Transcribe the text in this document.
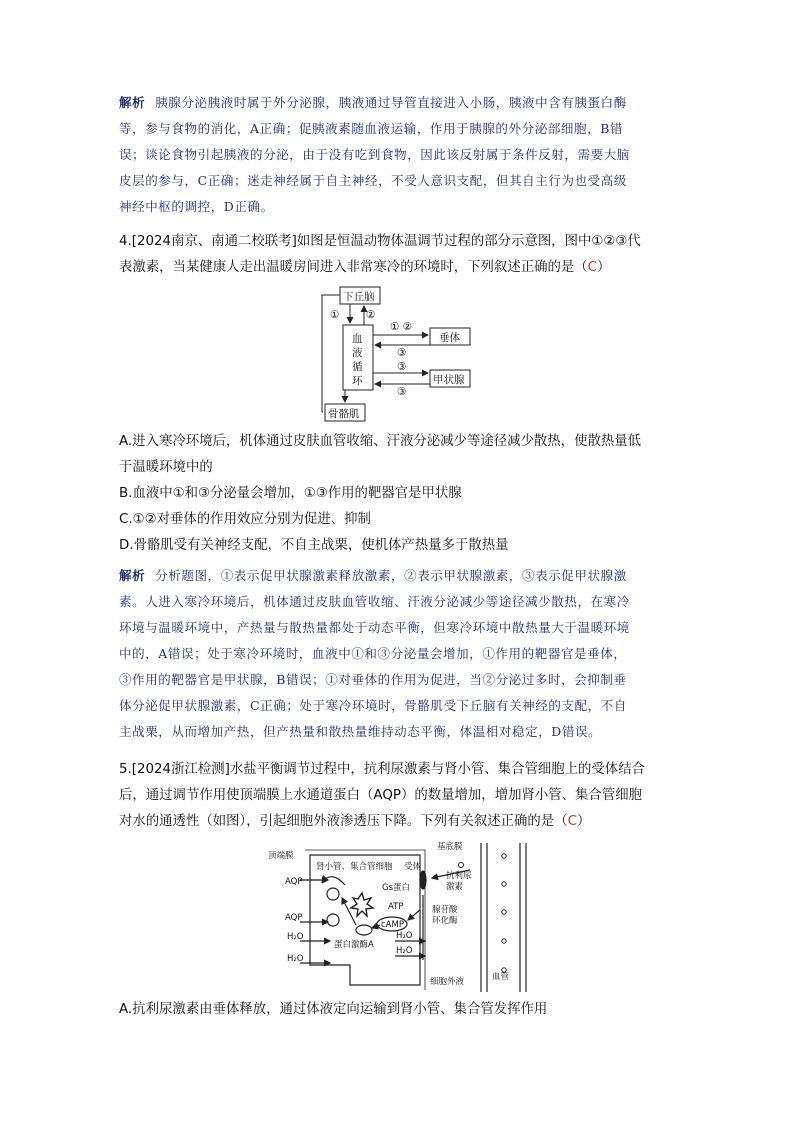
解析 胰腺分泌胰液时属于外分泌腺，胰液通过导管直接进入小肠，胰液中含有胰蛋白酶
等，参与食物的消化，A正确；促胰液素随血液运输，作用于胰腺的外分泌部细胞，B错
误；谈论食物引起胰液的分泌，由于没有吃到食物，因此该反射属于条件反射，需要大脑
皮层的参与，C正确；迷走神经属于自主神经，不受人意识支配，但其自主行为也受高级
神经中枢的调控，D正确。
4.[2024南京、南通二校联考]如图是恒温动物体温调节过程的部分示意图，图中①②③代
表激素，当某健康人走出温暖房间进入非常寒冷的环境时，下列叙述正确的是（C）
下丘脑
血
液
循
环
垂体
甲状腺
骨骼肌
①	②
① ②
③
③
③
A.进入寒冷环境后，机体通过皮肤血管收缩、汗液分泌减少等途径减少散热，使散热量低
于温暖环境中的
B.血液中①和③分泌量会增加，①③作用的靶器官是甲状腺
C.①②对垂体的作用效应分别为促进、抑制
D.骨骼肌受有关神经支配，不自主战栗，使机体产热量多于散热量
解析 分析题图，①表示促甲状腺激素释放激素，②表示甲状腺激素，③表示促甲状腺激
素。人进入寒冷环境后，机体通过皮肤血管收缩、汗液分泌减少等途径减少散热，在寒冷
环境与温暖环境中，产热量与散热量都处于动态平衡，但寒冷环境中散热量大于温暖环境
中的，A错误；处于寒冷环境时，血液中①和③分泌量会增加，①作用的靶器官是垂体，
③作用的靶器官是甲状腺，B错误；①对垂体的作用为促进，当②分泌过多时，会抑制垂
体分泌促甲状腺激素，C正确；处于寒冷环境时，骨骼肌受下丘脑有关神经的支配，不自
主战栗，从而增加产热，但产热量和散热量维持动态平衡，体温相对稳定，D错误。
5.[2024浙江检测]水盐平衡调节过程中，抗利尿激素与肾小管、集合管细胞上的受体结合
后，通过调节作用使顶端膜上水通道蛋白（AQP）的数量增加，增加肾小管、集合管细胞
对水的通透性（如图），引起细胞外液渗透压下降。下列有关叙述正确的是（C）
顶端膜
基底膜
肾小管、集合管细胞 受体
抗利尿
激素
Gs蛋白
ATP
cAMP
腺苷酸
环化酶
蛋白激酶A
AQP
AQP
H₂O
H₂O
H₂O
H₂O
细胞外液	血管
A.抗利尿激素由垂体释放，通过体液定向运输到肾小管、集合管发挥作用
